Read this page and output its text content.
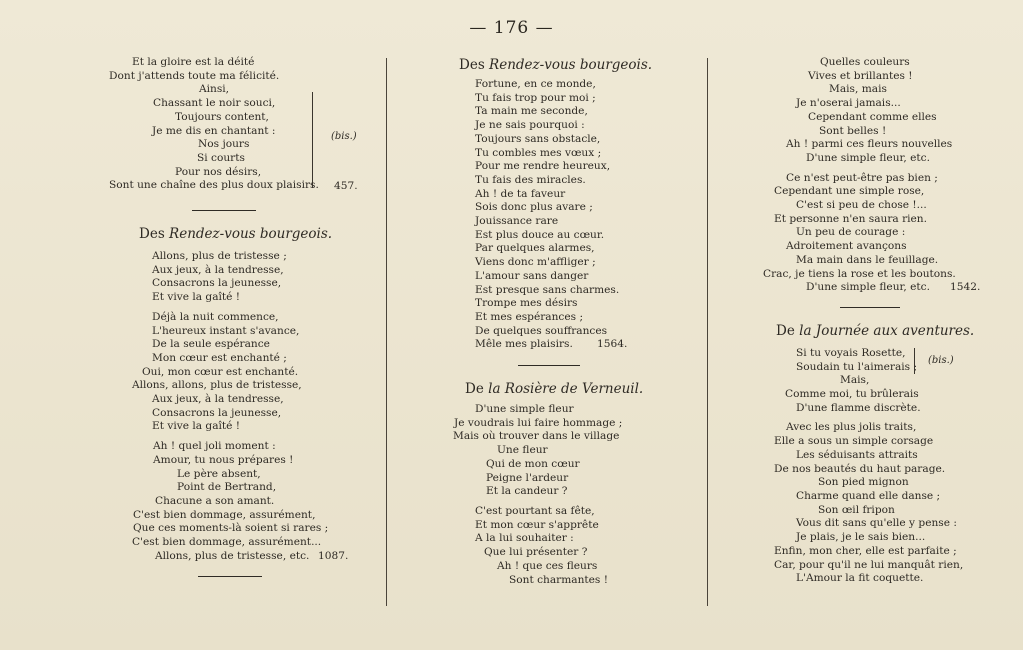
— 176 —
Et la gloire est la déité
Dont j'attends toute ma félicité.
Ainsi,
Chassant le noir souci,
Toujours content,
Je me dis en chantant :
Nos jours
Si courts
Pour nos désirs,
Sont une chaîne des plus doux plaisirs.
(bis.)
457.
Des Rendez-vous bourgeois.
Allons, plus de tristesse ;
Aux jeux, à la tendresse,
Consacrons la jeunesse,
Et vive la gaîté !
Déjà la nuit commence,
L'heureux instant s'avance,
De la seule espérance
Mon cœur est enchanté ;
Oui, mon cœur est enchanté.
Allons, allons, plus de tristesse,
Aux jeux, à la tendresse,
Consacrons la jeunesse,
Et vive la gaîté !
Ah ! quel joli moment :
Amour, tu nous prépares !
Le père absent,
Point de Bertrand,
Chacune a son amant.
C'est bien dommage, assurément,
Que ces moments-là soient si rares ;
C'est bien dommage, assurément...
Allons, plus de tristesse, etc. 1087.
Des Rendez-vous bourgeois.
Fortune, en ce monde,
Tu fais trop pour moi ;
Ta main me seconde,
Je ne sais pourquoi :
Toujours sans obstacle,
Tu combles mes vœux ;
Pour me rendre heureux,
Tu fais des miracles.
Ah ! de ta faveur
Sois donc plus avare ;
Jouissance rare
Est plus douce au cœur.
Par quelques alarmes,
Viens donc m'affliger ;
L'amour sans danger
Est presque sans charmes.
Trompe mes désirs
Et mes espérances ;
De quelques souffrances
Mêle mes plaisirs. 1564.
De la Rosière de Verneuil.
D'une simple fleur
Je voudrais lui faire hommage ;
Mais où trouver dans le village
Une fleur
Qui de mon cœur
Peigne l'ardeur
Et la candeur ?
C'est pourtant sa fête,
Et mon cœur s'apprête
A la lui souhaiter :
Que lui présenter ?
Ah ! que ces fleurs
Sont charmantes !
Quelles couleurs
Vives et brillantes !
Mais, mais
Je n'oserai jamais...
Cependant comme elles
Sont belles !
Ah ! parmi ces fleurs nouvelles
D'une simple fleur, etc.
Ce n'est peut-être pas bien ;
Cependant une simple rose,
C'est si peu de chose !...
Et personne n'en saura rien.
Un peu de courage :
Adroitement avançons
Ma main dans le feuillage.
Crac, je tiens la rose et les boutons.
D'une simple fleur, etc. 1542.
De la Journée aux aventures.
Si tu voyais Rosette,
Soudain tu l'aimerais ;
Mais,
Comme moi, tu brûlerais
D'une flamme discrète.
(bis.)
Avec les plus jolis traits,
Elle a sous un simple corsage
Les séduisants attraits
De nos beautés du haut parage.
Son pied mignon
Charme quand elle danse ;
Son œil fripon
Vous dit sans qu'elle y pense :
Je plais, je le sais bien...
Enfin, mon cher, elle est parfaite ;
Car, pour qu'il ne lui manquât rien,
L'Amour la fit coquette.
